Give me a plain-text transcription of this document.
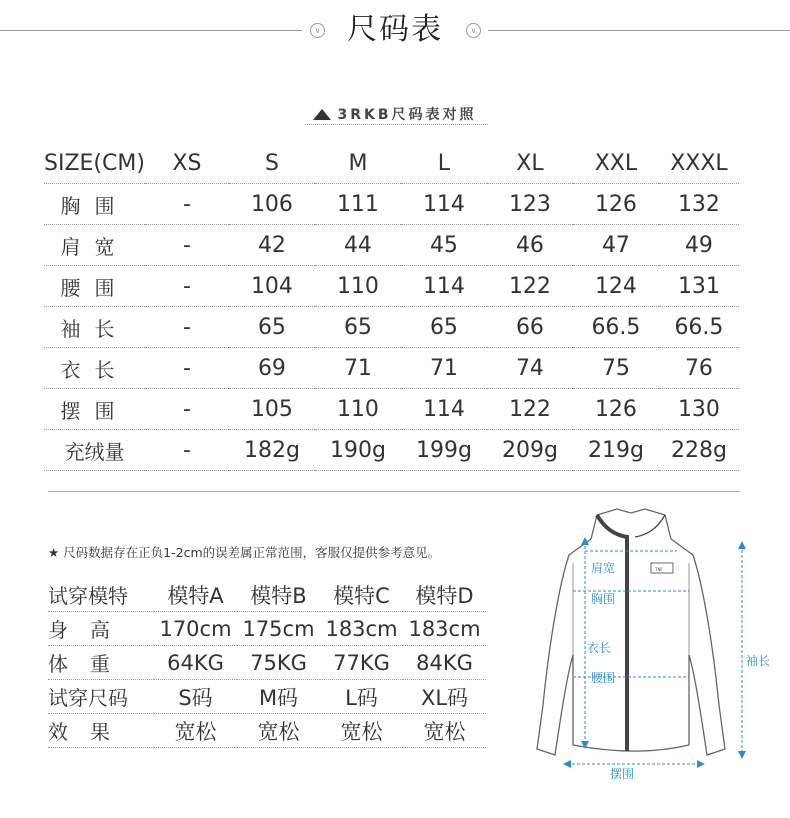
∨ 尺码表	∨
3RKB尺码表对照
SIZE(CM)	XS	S	M	L	XL	XXL	XXXL
胸围	-	106	111	114	123	126	132
肩宽	-	42	44	45	46	47	49
腰围	-	104	110	114	122	124	131
袖长	-	65	65	65	66	66.5	66.5
衣长	-	69	71	71	74	75	76
摆围	-	105	110	114	122	126	130
充绒量	-	182g	190g	199g	209g	219g	228g
★ 尺码数据存在正负1-2cm的误差属正常范围，客服仅提供参考意见。
试穿模特	模特A	模特B	模特C	模特D
身高	170cm	175cm	183cm	183cm
体重	64KG	75KG	77KG	84KG
试穿尺码	S码	M码	L码	XL码
效果	宽松	宽松	宽松	宽松
TNF
肩宽
胸围
衣长
腰围
袖长
摆围
